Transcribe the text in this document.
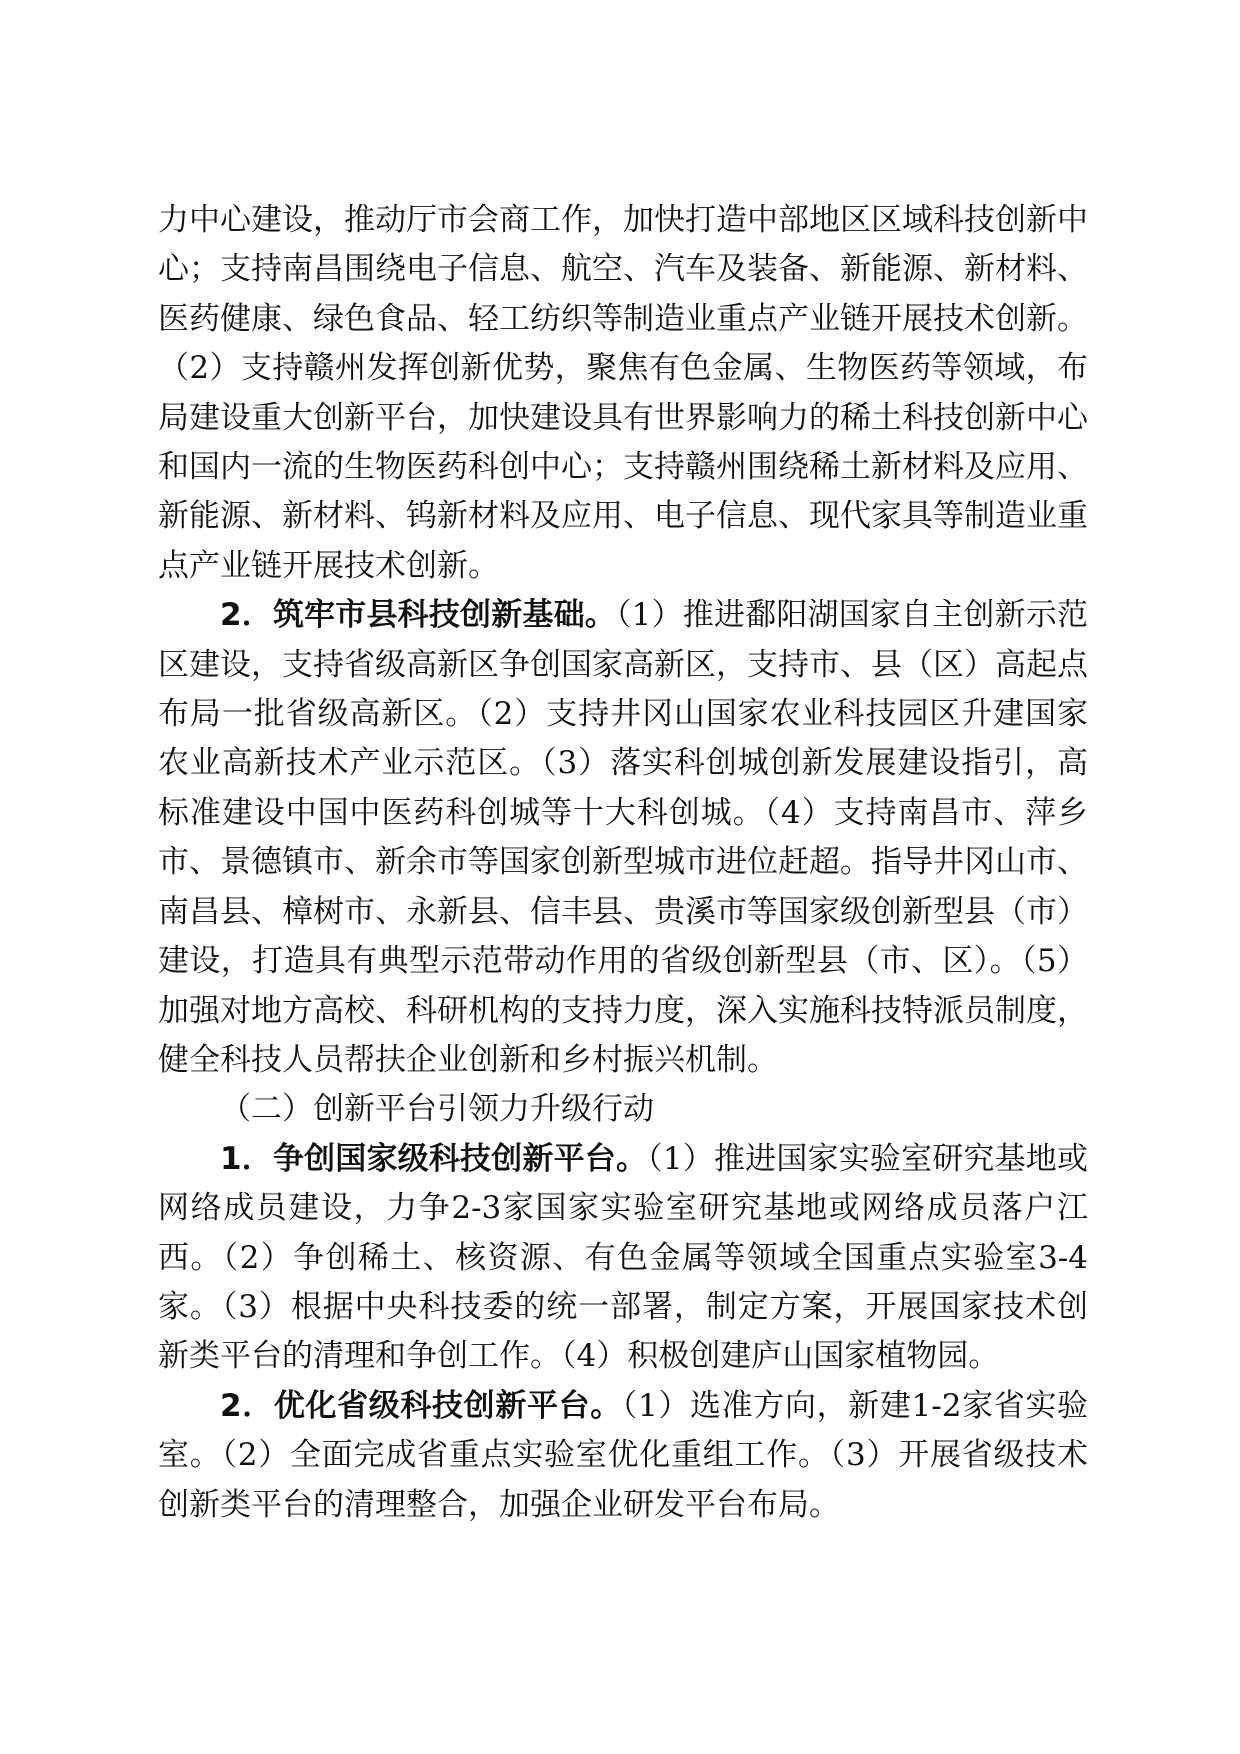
力中心建设，推动厅市会商工作，加快打造中部地区区域科技创新中心；支持南昌围绕电子信息、航空、汽车及装备、新能源、新材料、医药健康、绿色食品、轻工纺织等制造业重点产业链开展技术创新。（2）支持赣州发挥创新优势，聚焦有色金属、生物医药等领域，布局建设重大创新平台，加快建设具有世界影响力的稀土科技创新中心和国内一流的生物医药科创中心；支持赣州围绕稀土新材料及应用、新能源、新材料、钨新材料及应用、电子信息、现代家具等制造业重点产业链开展技术创新。

2．筑牢市县科技创新基础。（1）推进鄱阳湖国家自主创新示范区建设，支持省级高新区争创国家高新区，支持市、县（区）高起点布局一批省级高新区。（2）支持井冈山国家农业科技园区升建国家农业高新技术产业示范区。（3）落实科创城创新发展建设指引，高标准建设中国中医药科创城等十大科创城。（4）支持南昌市、萍乡市、景德镇市、新余市等国家创新型城市进位赶超。指导井冈山市、南昌县、樟树市、永新县、信丰县、贵溪市等国家级创新型县（市）建设，打造具有典型示范带动作用的省级创新型县（市、区）。（5）加强对地方高校、科研机构的支持力度，深入实施科技特派员制度，健全科技人员帮扶企业创新和乡村振兴机制。

（二）创新平台引领力升级行动

1．争创国家级科技创新平台。（1）推进国家实验室研究基地或网络成员建设，力争2-3家国家实验室研究基地或网络成员落户江西。（2）争创稀土、核资源、有色金属等领域全国重点实验室3-4家。（3）根据中央科技委的统一部署，制定方案，开展国家技术创新类平台的清理和争创工作。（4）积极创建庐山国家植物园。

2．优化省级科技创新平台。（1）选准方向，新建1-2家省实验室。（2）全面完成省重点实验室优化重组工作。（3）开展省级技术创新类平台的清理整合，加强企业研发平台布局。
